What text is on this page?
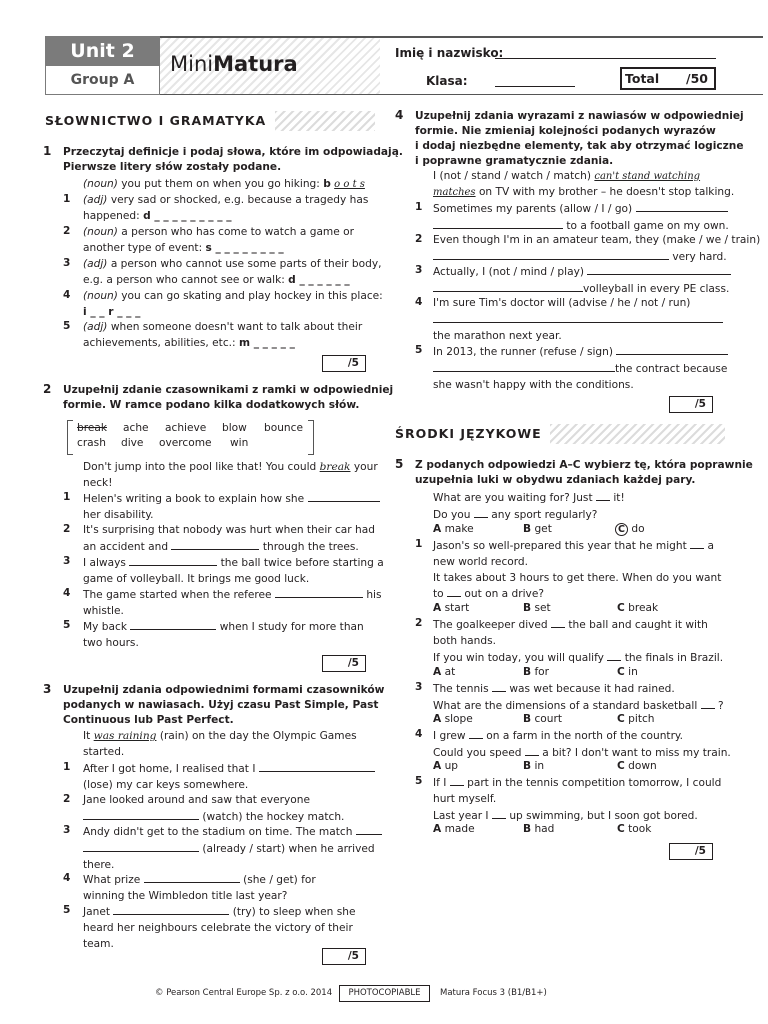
Unit 2
Group A
MiniMatura	Imię i nazwisko:
Klasa:	Total /50
SŁOWNICTWO I GRAMATYKA
1 Przeczytaj definicje i podaj słowa, które im odpowiadają.
Pierwsze litery słów zostały podane.
(noun) you put them on when you go hiking: b o o t s
1 (adj) very sad or shocked, e.g. because a tragedy has
happened: d _ _ _ _ _ _ _ _ _
2 (noun) a person who has come to watch a game or
another type of event: s _ _ _ _ _ _ _ _
3 (adj) a person who cannot use some parts of their body,
e.g. a person who cannot see or walk: d _ _ _ _ _ _
4 (noun) you can go skating and play hockey in this place:
i _ _ r _ _ _
5 (adj) when someone doesn't want to talk about their
achievements, abilities, etc.: m _ _ _ _ _
/5
2 Uzupełnij zdanie czasownikami z ramki w odpowiedniej
formie. W ramce podano kilka dodatkowych słów.
break ache achieve blow bounce
crash dive overcome win
Don't jump into the pool like that! You could break your
neck!
1 Helen's writing a book to explain how she
her disability.
2 It's surprising that nobody was hurt when their car had
an accident and	through the trees.
3 I always	the ball twice before starting a
game of volleyball. It brings me good luck.
4 The game started when the referee	his
whistle.
5 My back	when I study for more than
two hours.
/5
3 Uzupełnij zdania odpowiednimi formami czasowników
podanych w nawiasach. Użyj czasu Past Simple, Past
Continuous lub Past Perfect.
It was raining (rain) on the day the Olympic Games
started.
1 After I got home, I realised that I
(lose) my car keys somewhere.
2 Jane looked around and saw that everyone
(watch) the hockey match.
3 Andy didn't get to the stadium on time. The match
(already / start) when he arrived
there.
4 What prize	(she / get) for
winning the Wimbledon title last year?
5 Janet	(try) to sleep when she
heard her neighbours celebrate the victory of their
team.
/5
4 Uzupełnij zdania wyrazami z nawiasów w odpowiedniej
formie. Nie zmieniaj kolejności podanych wyrazów
i dodaj niezbędne elementy, tak aby otrzymać logiczne
i poprawne gramatycznie zdania.
I (not / stand / watch / match) can't stand watching
matches on TV with my brother – he doesn't stop talking.
1 Sometimes my parents (allow / I / go)
to a football game on my own.
2 Even though I'm in an amateur team, they (make / we / train)
very hard.
3 Actually, I (not / mind / play)
volleyball in every PE class.
4 I'm sure Tim's doctor will (advise / he / not / run)
the marathon next year.
5 In 2013, the runner (refuse / sign)
the contract because
she wasn't happy with the conditions.
/5
ŚRODKI JĘZYKOWE
5 Z podanych odpowiedzi A–C wybierz tę, która poprawnie
uzupełnia luki w obydwu zdaniach każdej pary.
What are you waiting for? Just it!
Do you any sport regularly?
A make	B get	C do
1 Jason's so well-prepared this year that he might a
new world record.
It takes about 3 hours to get there. When do you want
to out on a drive?
A start	B set	C break
2 The goalkeeper dived the ball and caught it with
both hands.
If you win today, you will qualify the finals in Brazil.
A at	B for	C in
3 The tennis was wet because it had rained.
What are the dimensions of a standard basketball ?
A slope	B court	C pitch
4 I grew on a farm in the north of the country.
Could you speed a bit? I don't want to miss my train.
A up	B in	C down
5 If I part in the tennis competition tomorrow, I could
hurt myself.
Last year I up swimming, but I soon got bored.
A made	B had	C took
/5
© Pearson Central Europe Sp. z o.o. 2014	PHOTOCOPIABLE	Matura Focus 3 (B1/B1+)
